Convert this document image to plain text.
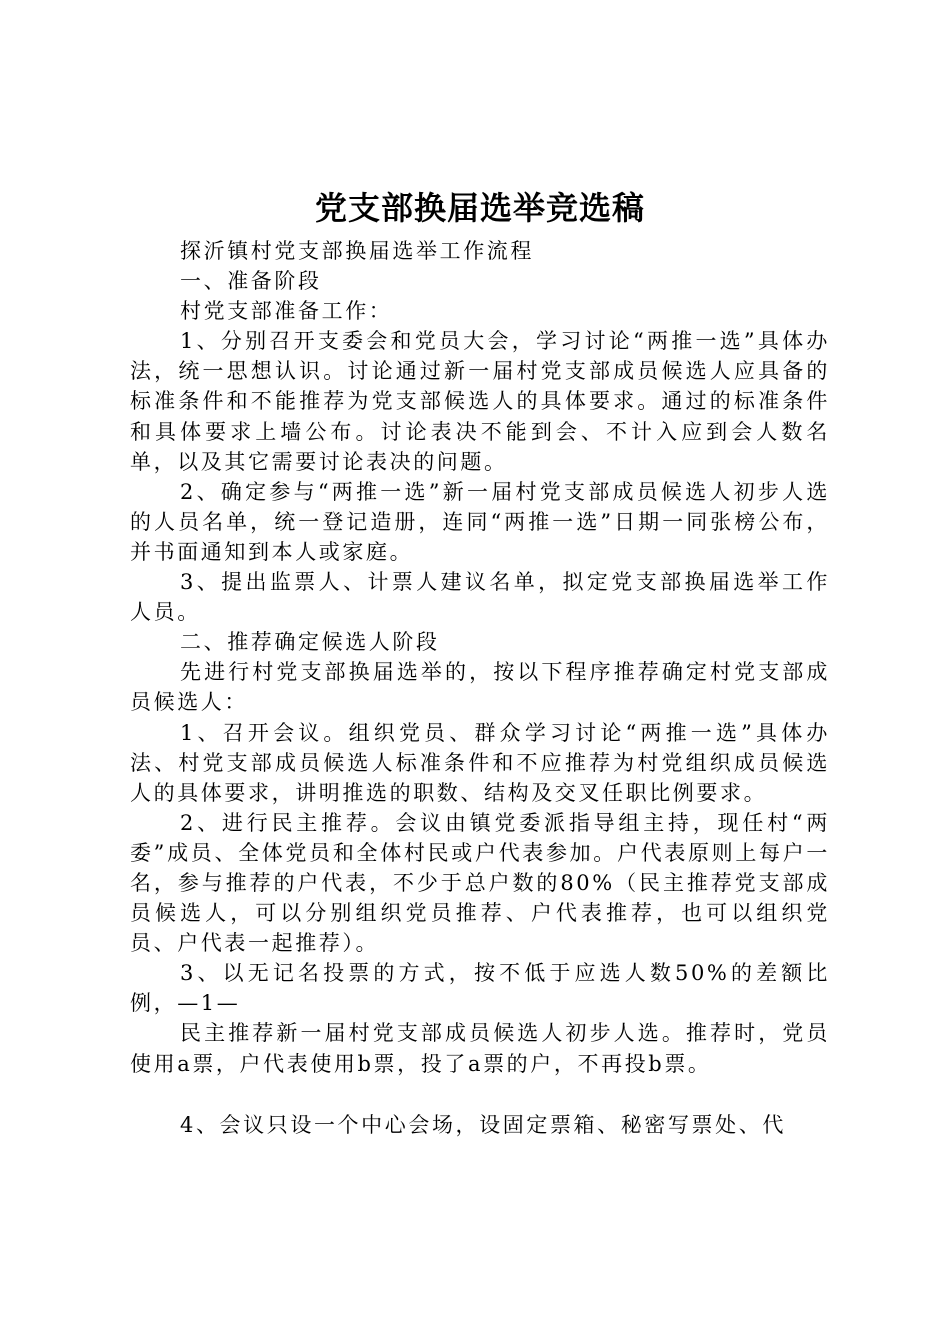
党支部换届选举竞选稿

探沂镇村党支部换届选举工作流程

一、准备阶段

村党支部准备工作：

1、分别召开支委会和党员大会，学习讨论“两推一选”具体办法，统一思想认识。讨论通过新一届村党支部成员候选人应具备的标准条件和不能推荐为党支部候选人的具体要求。通过的标准条件和具体要求上墙公布。讨论表决不能到会、不计入应到会人数名单，以及其它需要讨论表决的问题。

2、确定参与“两推一选”新一届村党支部成员候选人初步人选的人员名单，统一登记造册，连同“两推一选”日期一同张榜公布，并书面通知到本人或家庭。

3、提出监票人、计票人建议名单，拟定党支部换届选举工作人员。

二、推荐确定候选人阶段

先进行村党支部换届选举的，按以下程序推荐确定村党支部成员候选人：

1、召开会议。组织党员、群众学习讨论“两推一选”具体办法、村党支部成员候选人标准条件和不应推荐为村党组织成员候选人的具体要求，讲明推选的职数、结构及交叉任职比例要求。

2、进行民主推荐。会议由镇党委派指导组主持，现任村“两委”成员、全体党员和全体村民或户代表参加。户代表原则上每户一名，参与推荐的户代表，不少于总户数的80%（民主推荐党支部成员候选人，可以分别组织党员推荐、户代表推荐，也可以组织党员、户代表一起推荐）。

3、以无记名投票的方式，按不低于应选人数50%的差额比例，—1—

民主推荐新一届村党支部成员候选人初步人选。推荐时，党员使用a票，户代表使用b票，投了a票的户，不再投b票。

4、会议只设一个中心会场，设固定票箱、秘密写票处、代
